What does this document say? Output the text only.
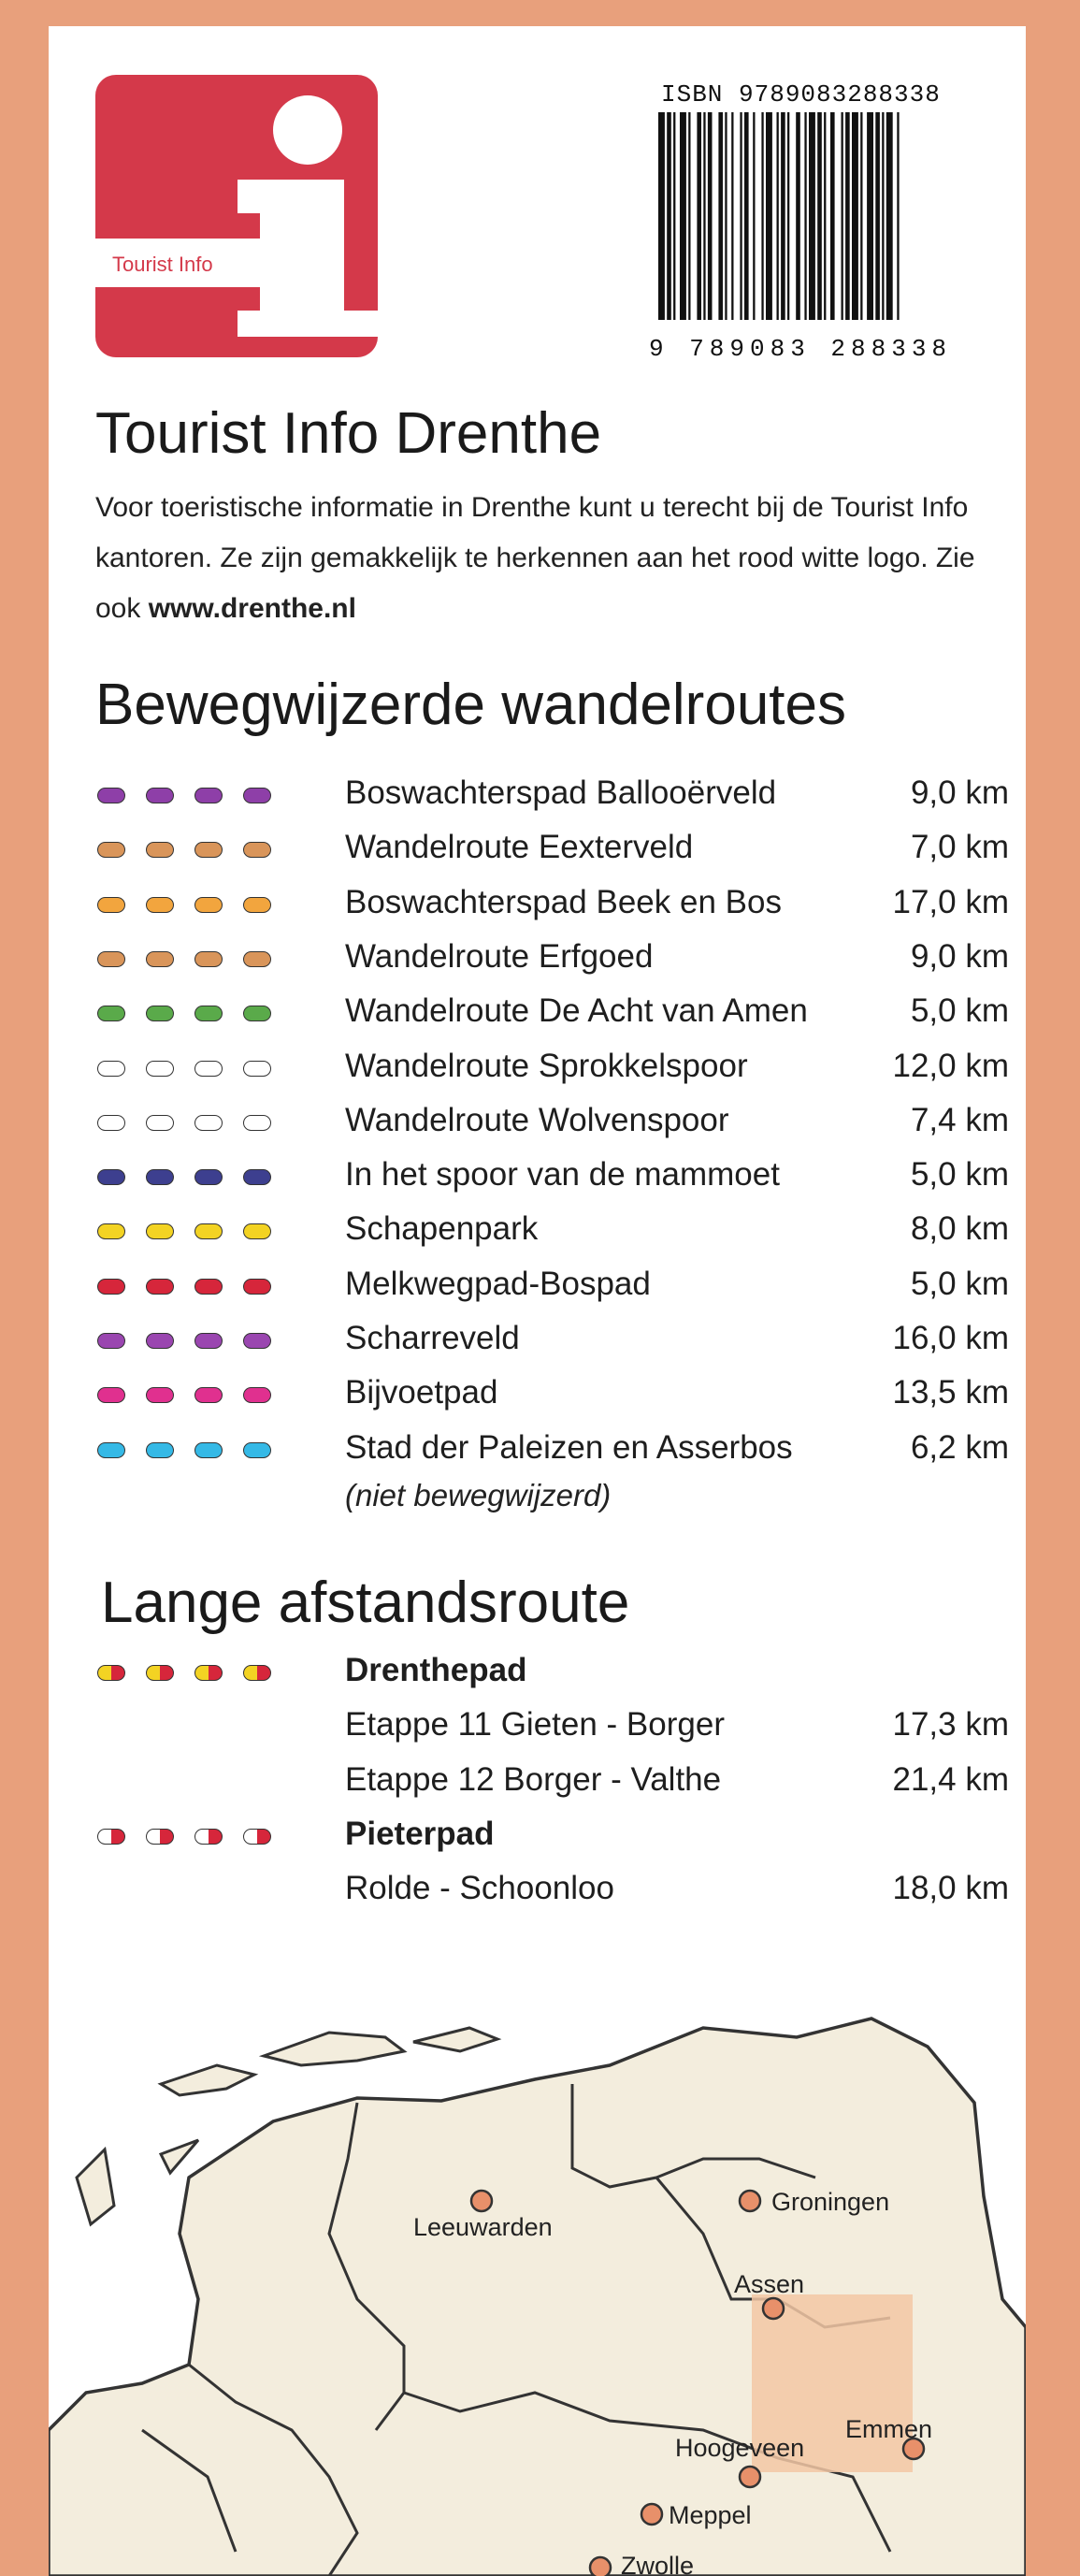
Tourist Info
ISBN 9789083288338
9 789083 288338
Tourist Info Drenthe

Voor toeristische informatie in Drenthe kunt u terecht bij de Tourist Info kantoren. Ze zijn gemakkelijk te herkennen aan het rood witte logo. Zie ook www.drenthe.nl

Bewegwijzerde wandelroutes
Boswachterspad Ballooërveld	9,0 km
Wandelroute Eexterveld	7,0 km
Boswachterspad Beek en Bos	17,0 km
Wandelroute Erfgoed	9,0 km
Wandelroute De Acht van Amen	5,0 km
Wandelroute Sprokkelspoor	12,0 km
Wandelroute Wolvenspoor	7,4 km
In het spoor van de mammoet	5,0 km
Schapenpark	8,0 km
Melkwegpad-Bospad	5,0 km
Scharreveld	16,0 km
Bijvoetpad	13,5 km
Stad der Paleizen en Asserbos	6,2 km
(niet bewegwijzerd)
Lange afstandsroute
Drenthepad
Etappe 11 Gieten - Borger	17,3 km
Etappe 12 Borger - Valthe	21,4 km
Pieterpad
Rolde - Schoonloo	18,0 km
Leeuwarden
Groningen
Assen
Emmen
Hoogeveen
Meppel
Zwolle
